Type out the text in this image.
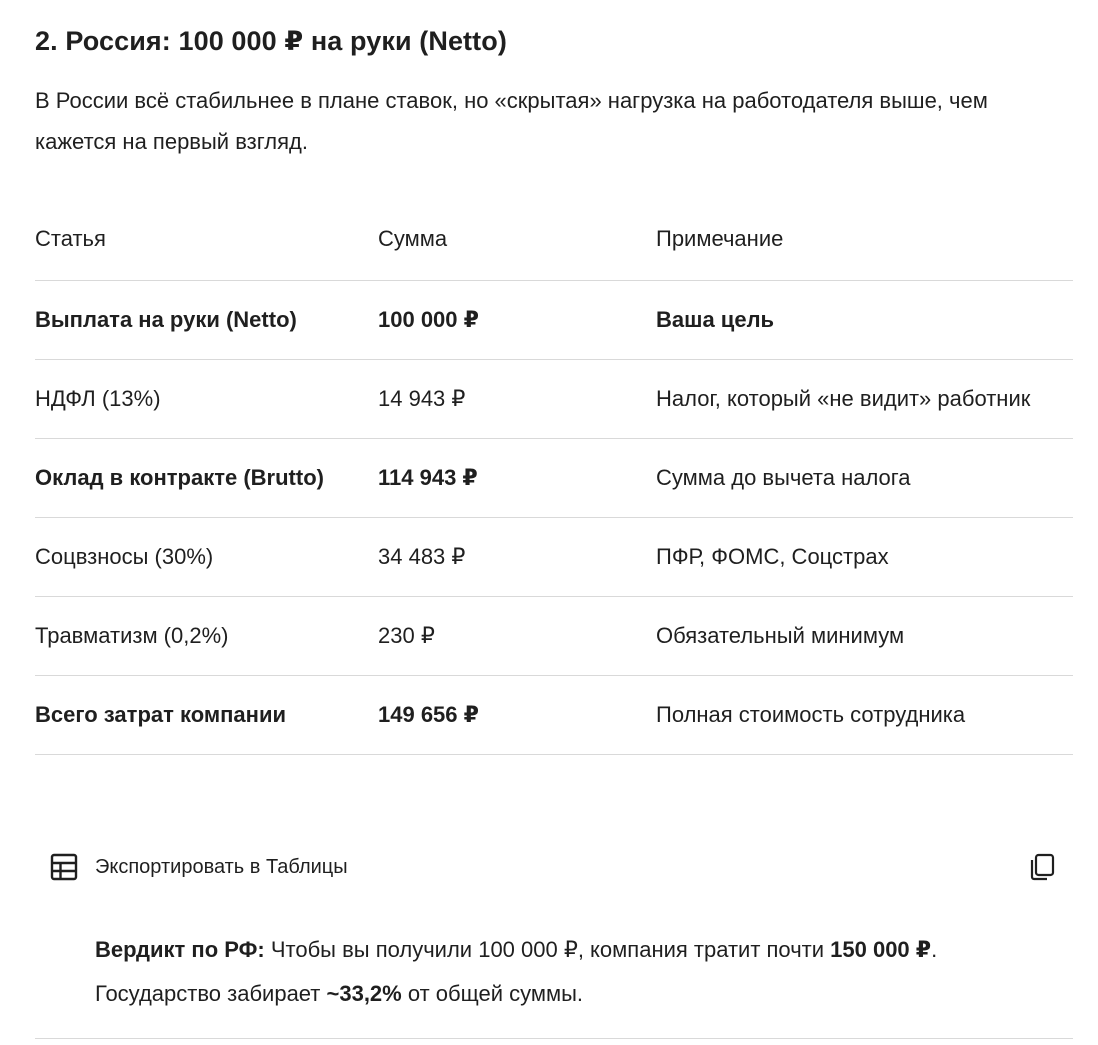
2. Россия: 100 000 ₽ на руки (Netto)

В России всё стабильнее в плане ставок, но «скрытая» нагрузка на работодателя выше, чем кажется на первый взгляд.

Статья	Сумма	Примечание
Выплата на руки (Netto)	100 000 ₽	Ваша цель
НДФЛ (13%)	14 943 ₽	Налог, который «не видит» работник
Оклад в контракте (Brutto)	114 943 ₽	Сумма до вычета налога
Соцвзносы (30%)	34 483 ₽	ПФР, ФОМС, Соцстрах
Травматизм (0,2%)	230 ₽	Обязательный минимум
Всего затрат компании	149 656 ₽	Полная стоимость сотрудника
Экспортировать в Таблицы

Вердикт по РФ: Чтобы вы получили 100 000 ₽, компания тратит почти 150 000 ₽. Государство забирает ~33,2% от общей суммы.
